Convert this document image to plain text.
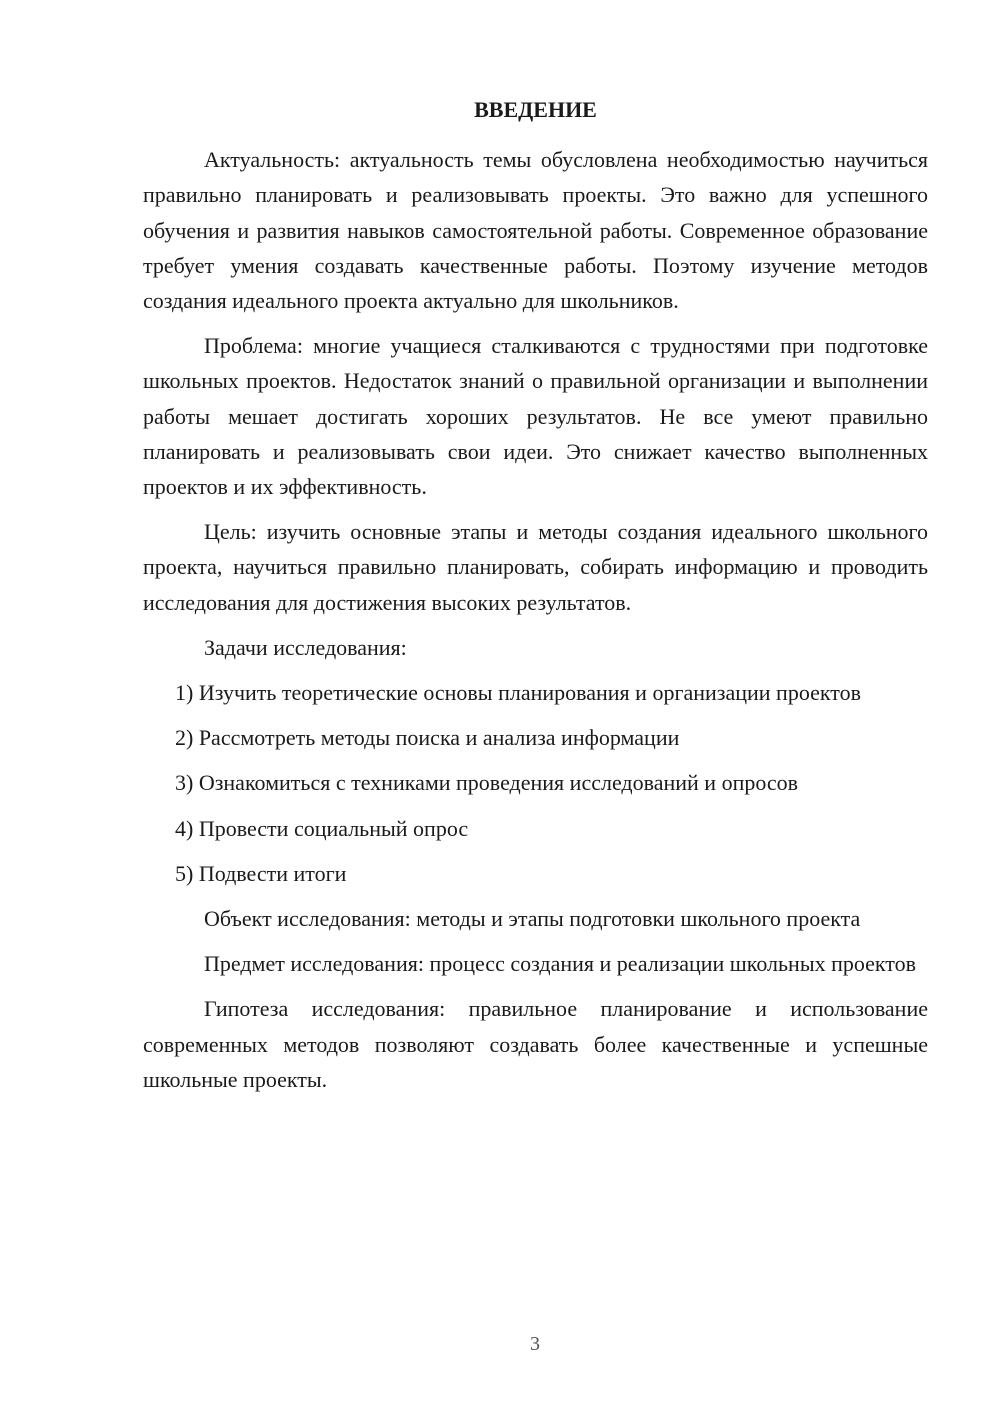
ВВЕДЕНИЕ

Актуальность: актуальность темы обусловлена необходимостью научиться правильно планировать и реализовывать проекты. Это важно для успешного обучения и развития навыков самостоятельной работы. Современное образование требует умения создавать качественные работы. Поэтому изучение методов создания идеального проекта актуально для школьников.

Проблема: многие учащиеся сталкиваются с трудностями при подготовке школьных проектов. Недостаток знаний о правильной организации и выполнении работы мешает достигать хороших результатов. Не все умеют правильно планировать и реализовывать свои идеи. Это снижает качество выполненных проектов и их эффективность.

Цель: изучить основные этапы и методы создания идеального школьного проекта, научиться правильно планировать, собирать информацию и проводить исследования для достижения высоких результатов.

Задачи исследования:

1) Изучить теоретические основы планирования и организации проектов

2) Рассмотреть методы поиска и анализа информации

3) Ознакомиться с техниками проведения исследований и опросов

4) Провести социальный опрос

5) Подвести итоги

Объект исследования: методы и этапы подготовки школьного проекта

Предмет исследования: процесс создания и реализации школьных проектов

Гипотеза исследования: правильное планирование и использование современных методов позволяют создавать более качественные и успешные школьные проекты.

3
